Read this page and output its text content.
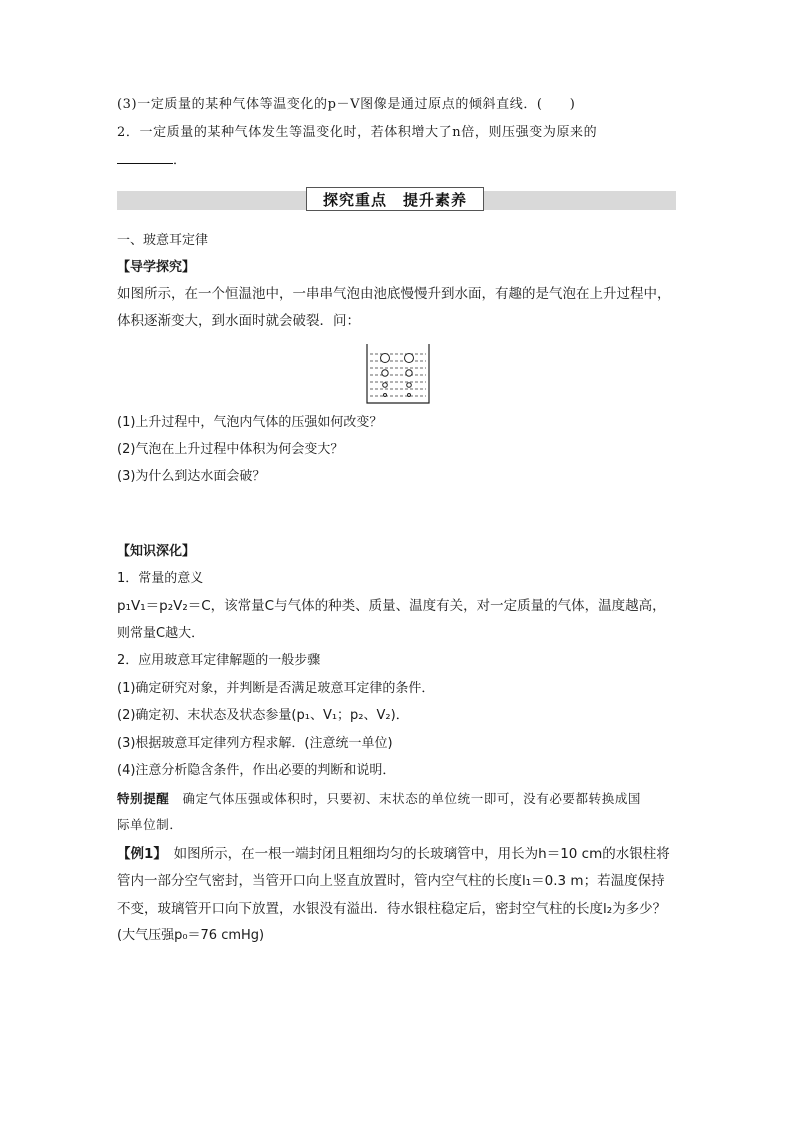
(3)一定质量的某种气体等温变化的p－V图像是通过原点的倾斜直线．(　　)
2．一定质量的某种气体发生等温变化时，若体积增大了n倍，则压强变为原来的
．
探究重点　提升素养
一、玻意耳定律
【导学探究】
如图所示，在一个恒温池中，一串串气泡由池底慢慢升到水面，有趣的是气泡在上升过程中，
体积逐渐变大，到水面时就会破裂．问：
(1)上升过程中，气泡内气体的压强如何改变？
(2)气泡在上升过程中体积为何会变大？
(3)为什么到达水面会破？
【知识深化】
1．常量的意义
p₁V₁＝p₂V₂＝C，该常量C与气体的种类、质量、温度有关，对一定质量的气体，温度越高，
则常量C越大．
2．应用玻意耳定律解题的一般步骤
(1)确定研究对象，并判断是否满足玻意耳定律的条件．
(2)确定初、末状态及状态参量(p₁、V₁；p₂、V₂)．
(3)根据玻意耳定律列方程求解．(注意统一单位)
(4)注意分析隐含条件，作出必要的判断和说明．
特别提醒　 确定气体压强或体积时，只要初、末状态的单位统一即可，没有必要都转换成国
际单位制．
【例1】  如图所示，在一根一端封闭且粗细均匀的长玻璃管中，用长为h＝10 cm的水银柱将
管内一部分空气密封，当管开口向上竖直放置时，管内空气柱的长度l₁＝0.3 m；若温度保持
不变，玻璃管开口向下放置，水银没有溢出．待水银柱稳定后，密封空气柱的长度l₂为多少？
(大气压强p₀＝76 cmHg)
